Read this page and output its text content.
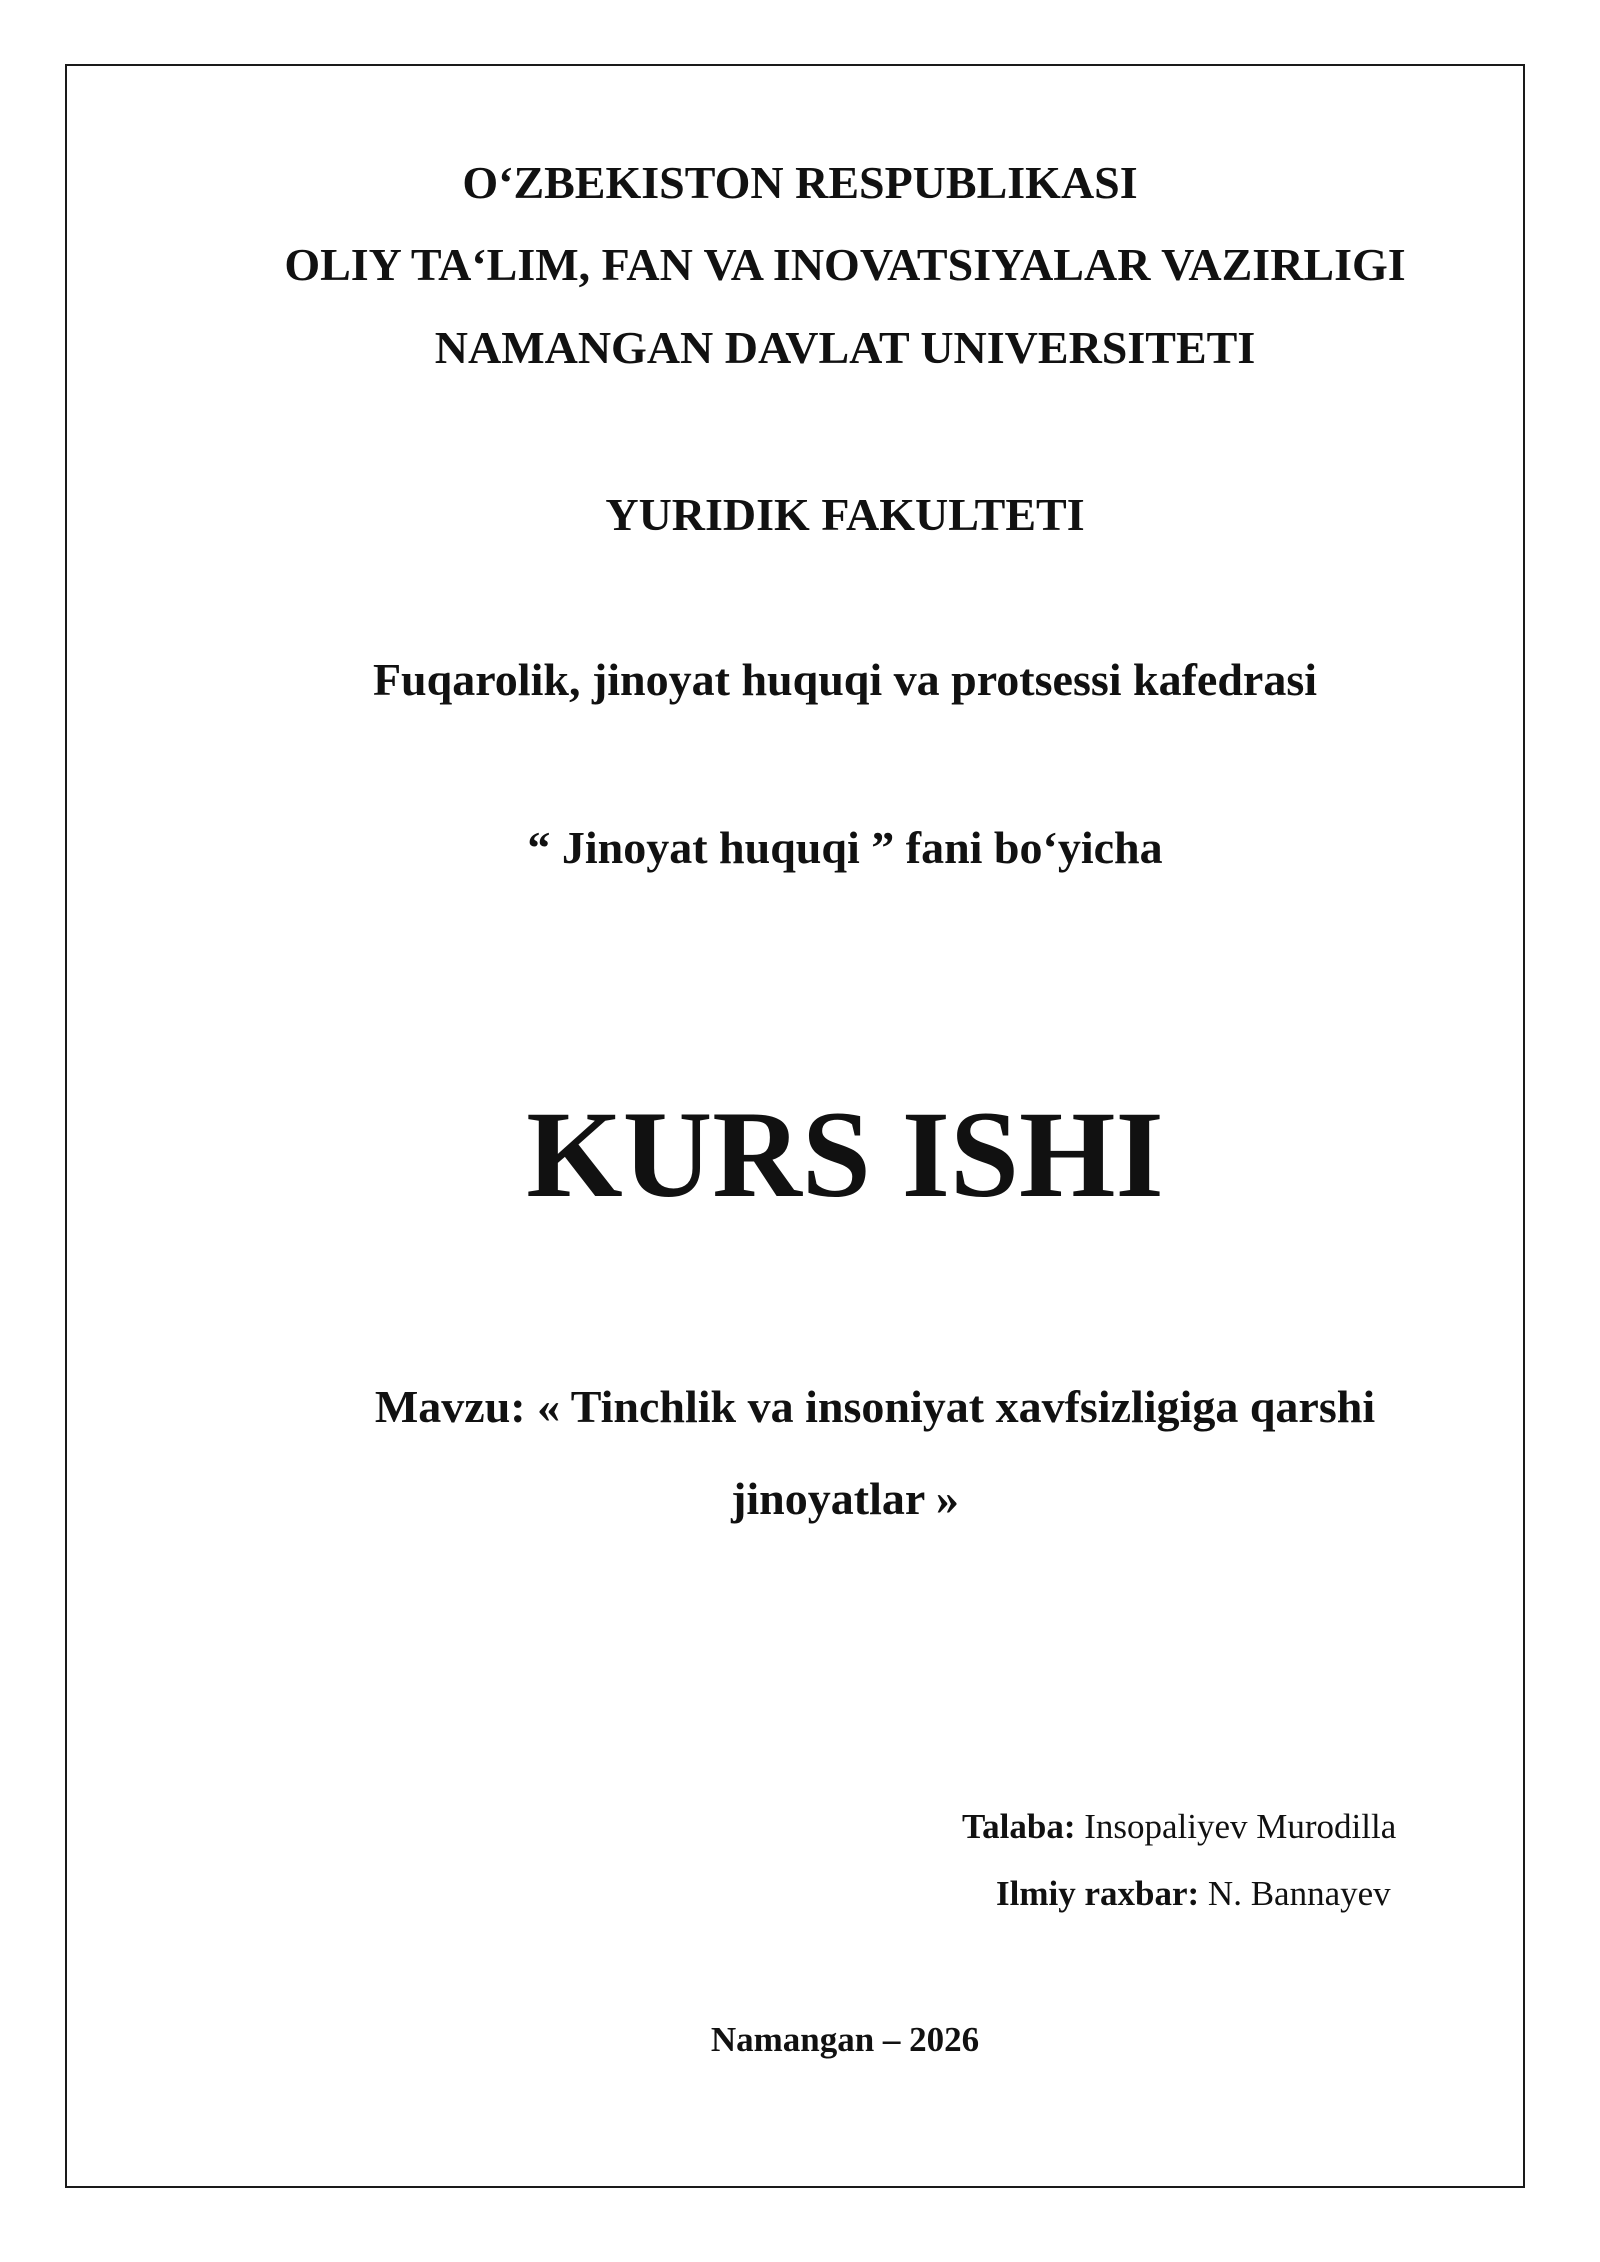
O‘ZBEKISTON RESPUBLIKASI

OLIY TA‘LIM, FAN VA INOVATSIYALAR VAZIRLIGI

NAMANGAN DAVLAT UNIVERSITETI

YURIDIK FAKULTETI

Fuqarolik, jinoyat huquqi va protsessi kafedrasi

“ Jinoyat huquqi ” fani bo‘yicha

KURS ISHI

Mavzu: « Tinchlik va insoniyat xavfsizligiga qarshi

jinoyatlar »

Talaba: Insopaliyev Murodilla
Ilmiy raxbar: N. Bannayev

Namangan – 2026
